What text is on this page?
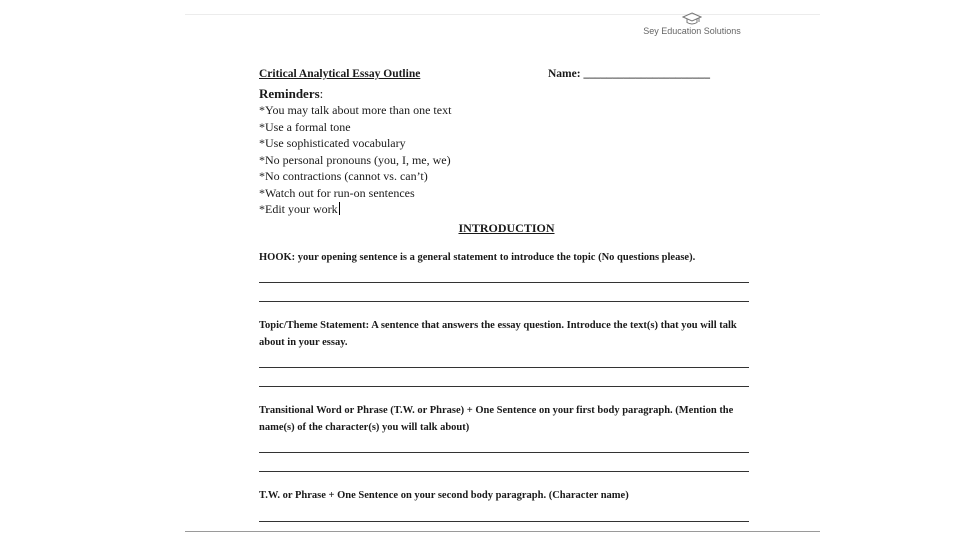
Sey Education Solutions
Critical Analytical Essay Outline	Name: ______________________
Reminders:
*You may talk about more than one text
*Use a formal tone
*Use sophisticated vocabulary
*No personal pronouns (you, I, me, we)
*No contractions (cannot vs. can’t)
*Watch out for run-on sentences
*Edit your work
INTRODUCTION
HOOK: your opening sentence is a general statement to introduce the topic (No questions please).
Topic/Theme Statement: A sentence that answers the essay question. Introduce the text(s) that you will talk about in your essay.
Transitional Word or Phrase (T.W. or Phrase) + One Sentence on your first body paragraph. (Mention the name(s) of the character(s) you will talk about)
T.W. or Phrase + One Sentence on your second body paragraph. (Character name)
